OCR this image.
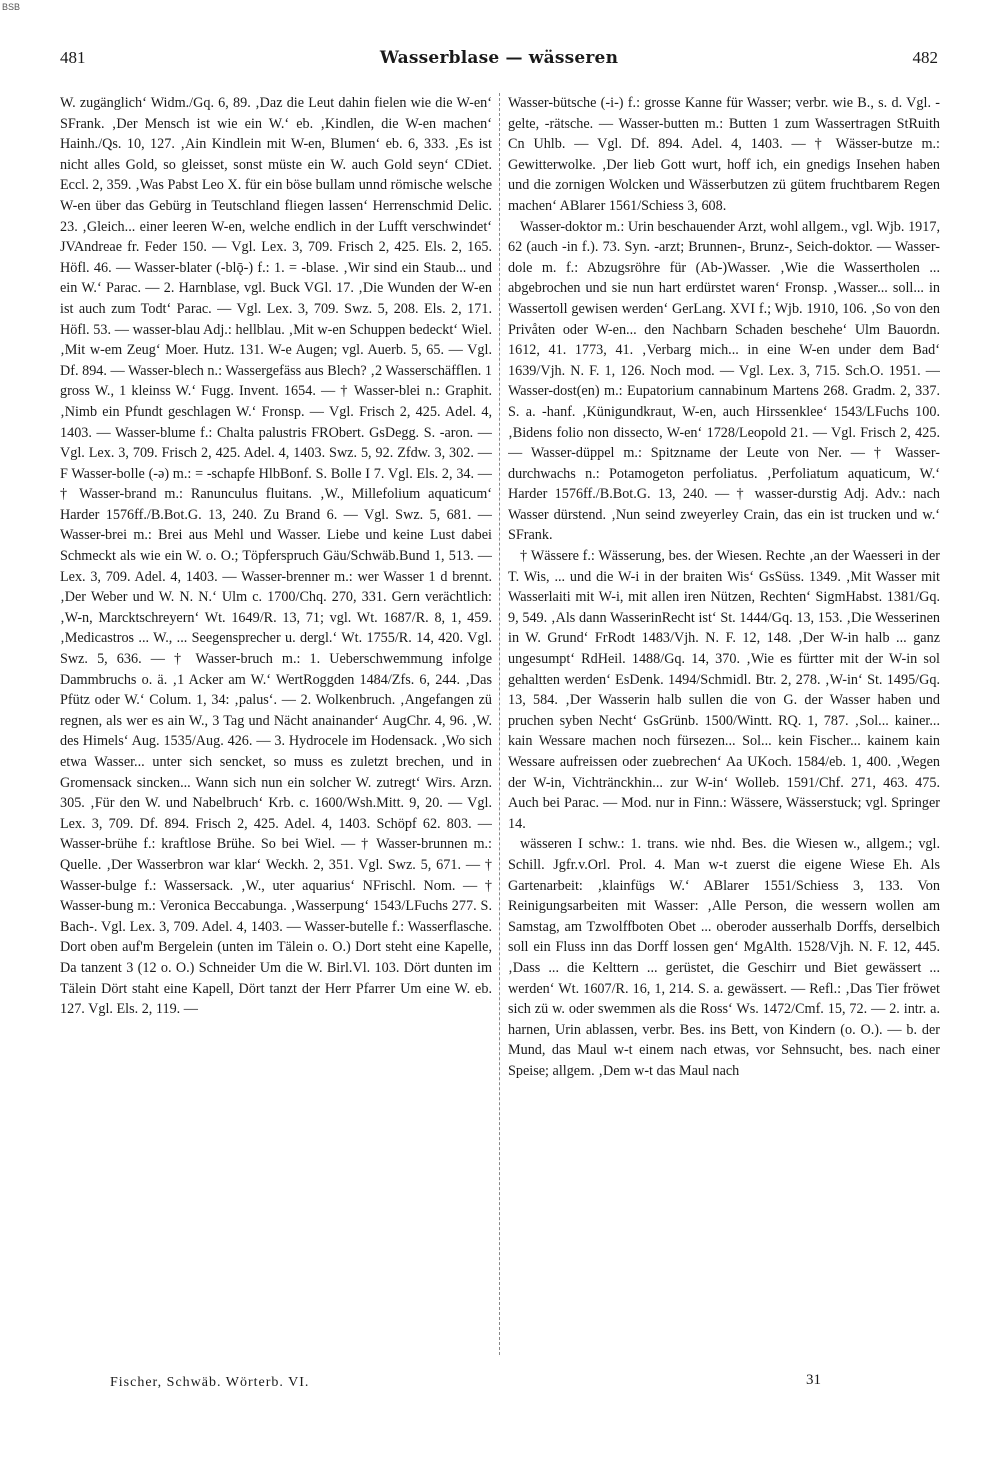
BSB
481	Wasserblase — wässeren	482

W. zugänglich‘ Widm./Gq. 6, 89. ‚Daz die Leut dahin fielen wie die W-en‘ SFrank. ‚Der Mensch ist wie ein W.‘ eb. ‚Kindlen, die W-en machen‘ Hainh./Qs. 10, 127. ‚Ain Kindlein mit W-en, Blumen‘ eb. 6, 333. ‚Es ist nicht alles Gold, so gleisset, sonst müste ein W. auch Gold seyn‘ CDiet. Eccl. 2, 359. ‚Was Pabst Leo X. für ein böse bullam unnd römische welsche W-en über das Gebürg in Teutschland fliegen lassen‘ Herrenschmid Delic. 23. ‚Gleich... einer leeren W-en, welche endlich in der Lufft verschwindet‘ JVAndreae fr. Feder 150. — Vgl. Lex. 3, 709. Frisch 2, 425. Els. 2, 165. Höfl. 46. — Wasser-blater (-blǭ-) f.: 1. = -blase. ‚Wir sind ein Staub... und ein W.‘ Parac. — 2. Harnblase, vgl. Buck VGl. 17. ‚Die Wunden der W-en ist auch zum Todt‘ Parac. — Vgl. Lex. 3, 709. Swz. 5, 208. Els. 2, 171. Höfl. 53. — wasser-blau Adj.: hellblau. ‚Mit w-en Schuppen bedeckt‘ Wiel. ‚Mit w-em Zeug‘ Moer. Hutz. 131. W-e Augen; vgl. Auerb. 5, 65. — Vgl. Df. 894. — Wasser-blech n.: Wassergefäss aus Blech? ‚2 Wasserschäfflen. 1 gross W., 1 kleinss W.‘ Fugg. Invent. 1654. — † Wasser-blei n.: Graphit. ‚Nimb ein Pfundt geschlagen W.‘ Fronsp. — Vgl. Frisch 2, 425. Adel. 4, 1403. — Wasser-blume f.: Chalta palustris FRObert. GsDegg. S. -aron. — Vgl. Lex. 3, 709. Frisch 2, 425. Adel. 4, 1403. Swz. 5, 92. Zfdw. 3, 302. — F Wasser-bolle (-ə) m.: = -schapfe HlbBonf. S. Bolle I 7. Vgl. Els. 2, 34. — † Wasser-brand m.: Ranunculus fluitans. ‚W., Millefolium aquaticum‘ Harder 1576ff./B.Bot.G. 13, 240. Zu Brand 6. — Vgl. Swz. 5, 681. — Wasser-brei m.: Brei aus Mehl und Wasser. Liebe und keine Lust dabei Schmeckt als wie ein W. o. O.; Töpferspruch Gäu/Schwäb.Bund 1, 513. — Lex. 3, 709. Adel. 4, 1403. — Wasser-brenner m.: wer Wasser 1 d brennt. ‚Der Weber und W. N. N.‘ Ulm c. 1700/Chq. 270, 331. Gern verächtlich: ‚W-n, Marcktschreyern‘ Wt. 1649/R. 13, 71; vgl. Wt. 1687/R. 8, 1, 459. ‚Medicastros ... W., ... Seegensprecher u. dergl.‘ Wt. 1755/R. 14, 420. Vgl. Swz. 5, 636. — † Wasser-bruch m.: 1. Ueberschwemmung infolge Dammbruchs o. ä. ‚1 Acker am W.‘ WertRoggden 1484/Zfs. 6, 244. ‚Das Pfütz oder W.‘ Colum. 1, 34: ‚palus‘. — 2. Wolkenbruch. ‚Angefangen zü regnen, als wer es ain W., 3 Tag und Nächt anainander‘ AugChr. 4, 96. ‚W. des Himels‘ Aug. 1535/Aug. 426. — 3. Hydrocele im Hodensack. ‚Wo sich etwa Wasser... unter sich sencket, so muss es zuletzt brechen, und in Gromensack sincken... Wann sich nun ein solcher W. zutregt‘ Wirs. Arzn. 305. ‚Für den W. und Nabelbruch‘ Krb. c. 1600/Wsh.Mitt. 9, 20. — Vgl. Lex. 3, 709. Df. 894. Frisch 2, 425. Adel. 4, 1403. Schöpf 62. 803. — Wasser-brühe f.: kraftlose Brühe. So bei Wiel. — † Wasser-brunnen m.: Quelle. ‚Der Wasserbron war klar‘ Weckh. 2, 351. Vgl. Swz. 5, 671. — † Wasser-bulge f.: Wassersack. ‚W., uter aquarius‘ NFrischl. Nom. — † Wasser-bung m.: Veronica Beccabunga. ‚Wasserpung‘ 1543/LFuchs 277. S. Bach-. Vgl. Lex. 3, 709. Adel. 4, 1403. — Wasser-butelle f.: Wasserflasche. Dort oben auf'm Bergelein (unten im Tälein o. O.) Dort steht eine Kapelle, Da tanzent 3 (12 o. O.) Schneider Um die W. Birl.Vl. 103. Dört dunten im Tälein Dört staht eine Kapell, Dört tanzt der Herr Pfarrer Um eine W. eb. 127. Vgl. Els. 2, 119. —

Wasser-bütsche (-i-) f.: grosse Kanne für Wasser; verbr. wie B., s. d. Vgl. -gelte, -rätsche. — Wasser-butten m.: Butten 1 zum Wassertragen StRuith Cn Uhlb. — Vgl. Df. 894. Adel. 4, 1403. — † Wässer-butze m.: Gewitterwolke. ‚Der lieb Gott wurt, hoff ich, ein gnedigs Insehen haben und die zornigen Wolcken und Wässerbutzen zü gütem fruchtbarem Regen machen‘ ABlarer 1561/Schiess 3, 608.

Wasser-doktor m.: Urin beschauender Arzt, wohl allgem., vgl. Wjb. 1917, 62 (auch -in f.). 73. Syn. -arzt; Brunnen-, Brunz-, Seich-doktor. — Wasser-dole m. f.: Abzugsröhre für (Ab-)Wasser. ‚Wie die Wassertholen ... abgebrochen und sie nun hart erdürstet waren‘ Fronsp. ‚Wasser... soll... in Wassertoll gewisen werden‘ GerLang. XVI f.; Wjb. 1910, 106. ‚So von den Privåten oder W-en... den Nachbarn Schaden beschehe‘ Ulm Bauordn. 1612, 41. 1773, 41. ‚Verbarg mich... in eine W-en under dem Bad‘ 1639/Vjh. N. F. 1, 126. Noch mod. — Vgl. Lex. 3, 715. Sch.O. 1951. — Wasser-dost(en) m.: Eupatorium cannabinum Martens 268. Gradm. 2, 337. S. a. -hanf. ‚Künigundkraut, W-en, auch Hirssenklee‘ 1543/LFuchs 100. ‚Bidens folio non dissecto, W-en‘ 1728/Leopold 21. — Vgl. Frisch 2, 425. — Wasser-düppel m.: Spitzname der Leute von Ner. — † Wasser-durchwachs n.: Potamogeton perfoliatus. ‚Perfoliatum aquaticum, W.‘ Harder 1576ff./B.Bot.G. 13, 240. — † wasser-durstig Adj. Adv.: nach Wasser dürstend. ‚Nun seind zweyerley Crain, das ein ist trucken und w.‘ SFrank.

† Wässere f.: Wässerung, bes. der Wiesen. Rechte ‚an der Waesseri in der T. Wis, ... und die W-i in der braiten Wis‘ GsSüss. 1349. ‚Mit Wasser mit Wasserlaiti mit W-i, mit allen iren Nützen, Rechten‘ SigmHabst. 1381/Gq. 9, 549. ‚Als dann WasserinRecht ist‘ St. 1444/Gq. 13, 153. ‚Die Wesserinen in W. Grund‘ FrRodt 1483/Vjh. N. F. 12, 148. ‚Der W-in halb ... ganz ungesumpt‘ RdHeil. 1488/Gq. 14, 370. ‚Wie es fürtter mit der W-in sol gehaltten werden‘ EsDenk. 1494/Schmidl. Btr. 2, 278. ‚W-in‘ St. 1495/Gq. 13, 584. ‚Der Wasserin halb sullen die von G. der Wasser haben und pruchen syben Necht‘ GsGrünb. 1500/Wintt. RQ. 1, 787. ‚Sol... kainer... kain Wessare machen noch fürsezen... Sol... kein Fischer... kainem kain Wessare aufreissen oder zuebrechen‘ Aa UKoch. 1584/eb. 1, 400. ‚Wegen der W-in, Vichtränckhin... zur W-in‘ Wolleb. 1591/Chf. 271, 463. 475. Auch bei Parac. — Mod. nur in Finn.: Wässere, Wässerstuck; vgl. Springer 14.

wässeren I schw.: 1. trans. wie nhd. Bes. die Wiesen w., allgem.; vgl. Schill. Jgfr.v.Orl. Prol. 4. Man w-t zuerst die eigene Wiese Eh. Als Gartenarbeit: ‚klainfügs W.‘ ABlarer 1551/Schiess 3, 133. Von Reinigungsarbeiten mit Wasser: ‚Alle Person, die wessern wollen am Samstag, am Tzwolffboten Obet ... oberoder ausserhalb Dorffs, derselbich soll ein Fluss inn das Dorff lossen gen‘ MgAlth. 1528/Vjh. N. F. 12, 445. ‚Dass ... die Kelttern ... gerüstet, die Geschirr und Biet gewässert ... werden‘ Wt. 1607/R. 16, 1, 214. S. a. gewässert. — Refl.: ‚Das Tier fröwet sich zü w. oder swemmen als die Ross‘ Ws. 1472/Cmf. 15, 72. — 2. intr. a. harnen, Urin ablassen, verbr. Bes. ins Bett, von Kindern (o. O.). — b. der Mund, das Maul w-t einem nach etwas, vor Sehnsucht, bes. nach einer Speise; allgem. ‚Dem w-t das Maul nach

Fischer, Schwäb. Wörterb. VI.	31
